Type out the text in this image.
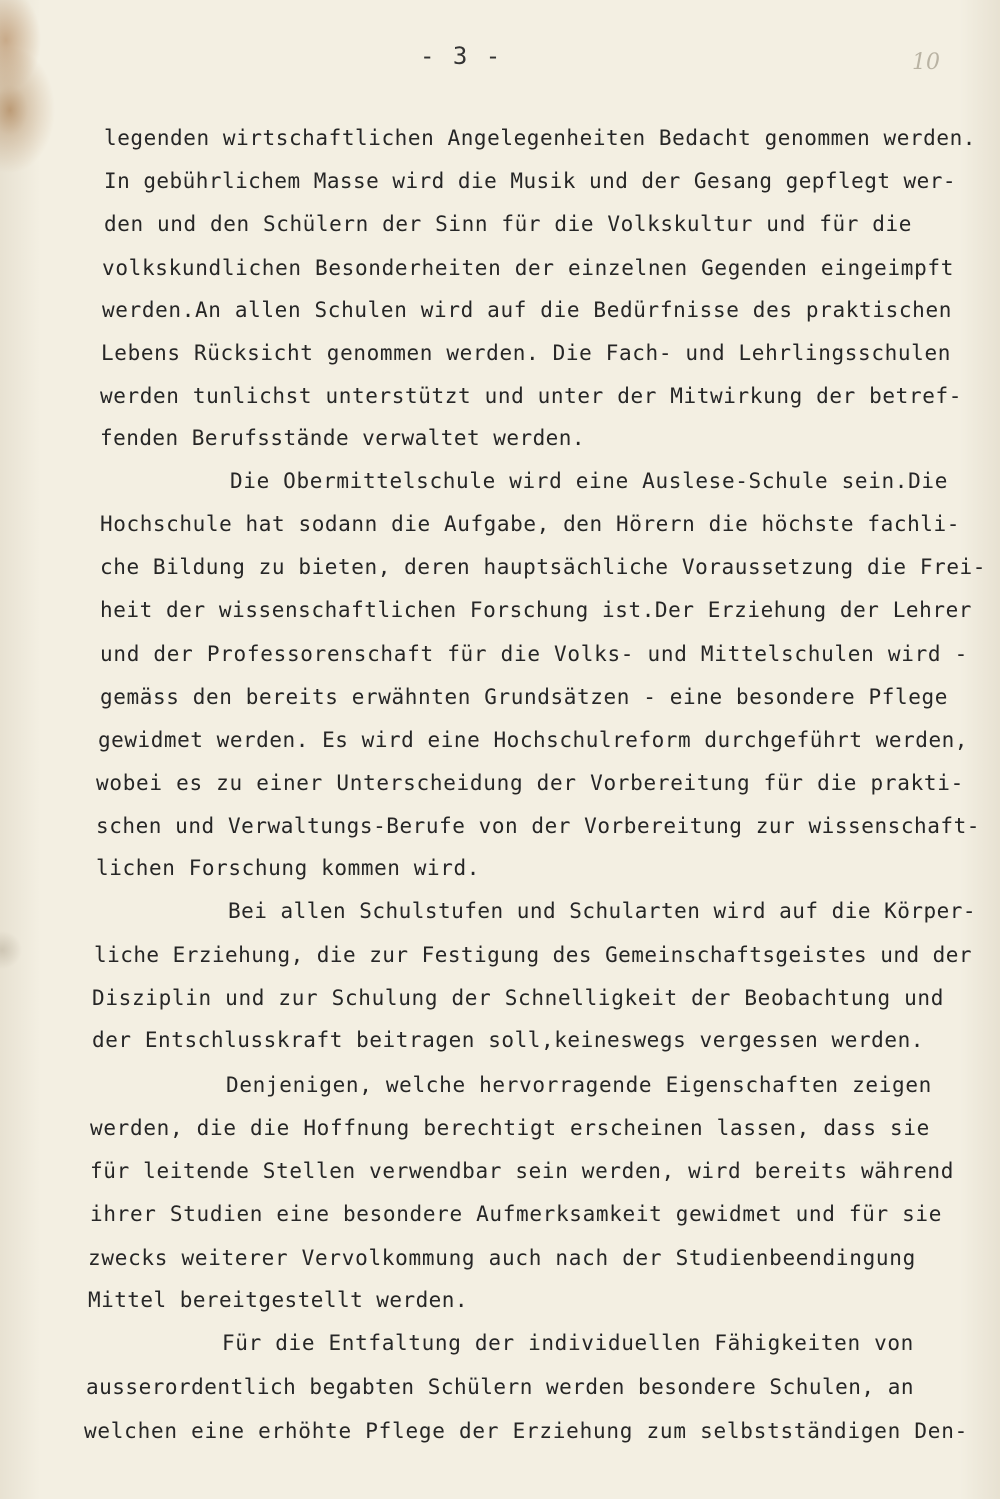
- 3 -	10
legenden wirtschaftlichen Angelegenheiten Bedacht genommen werden.
In gebührlichem Masse wird die Musik und der Gesang gepflegt wer-
den und den Schülern der Sinn für die Volkskultur und für die
volkskundlichen Besonderheiten der einzelnen Gegenden eingeimpft
werden.An allen Schulen wird auf die Bedürfnisse des praktischen
Lebens Rücksicht genommen werden. Die Fach- und Lehrlingsschulen
werden tunlichst unterstützt und unter der Mitwirkung der betref-
fenden Berufsstände verwaltet werden.
Die Obermittelschule wird eine Auslese-Schule sein.Die
Hochschule hat sodann die Aufgabe, den Hörern die höchste fachli-
che Bildung zu bieten, deren hauptsächliche Voraussetzung die Frei-
heit der wissenschaftlichen Forschung ist.Der Erziehung der Lehrer
und der Professorenschaft für die Volks- und Mittelschulen wird -
gemäss den bereits erwähnten Grundsätzen - eine besondere Pflege
gewidmet werden. Es wird eine Hochschulreform durchgeführt werden,
wobei es zu einer Unterscheidung der Vorbereitung für die prakti-
schen und Verwaltungs-Berufe von der Vorbereitung zur wissenschaft-
lichen Forschung kommen wird.
Bei allen Schulstufen und Schularten wird auf die Körper-
liche Erziehung, die zur Festigung des Gemeinschaftsgeistes und der
Disziplin und zur Schulung der Schnelligkeit der Beobachtung und
der Entschlusskraft beitragen soll,keineswegs vergessen werden.
Denjenigen, welche hervorragende Eigenschaften zeigen
werden, die die Hoffnung berechtigt erscheinen lassen, dass sie
für leitende Stellen verwendbar sein werden, wird bereits während
ihrer Studien eine besondere Aufmerksamkeit gewidmet und für sie
zwecks weiterer Vervolkommung auch nach der Studienbeendingung
Mittel bereitgestellt werden.
Für die Entfaltung der individuellen Fähigkeiten von
ausserordentlich begabten Schülern werden besondere Schulen, an
welchen eine erhöhte Pflege der Erziehung zum selbstständigen Den-
